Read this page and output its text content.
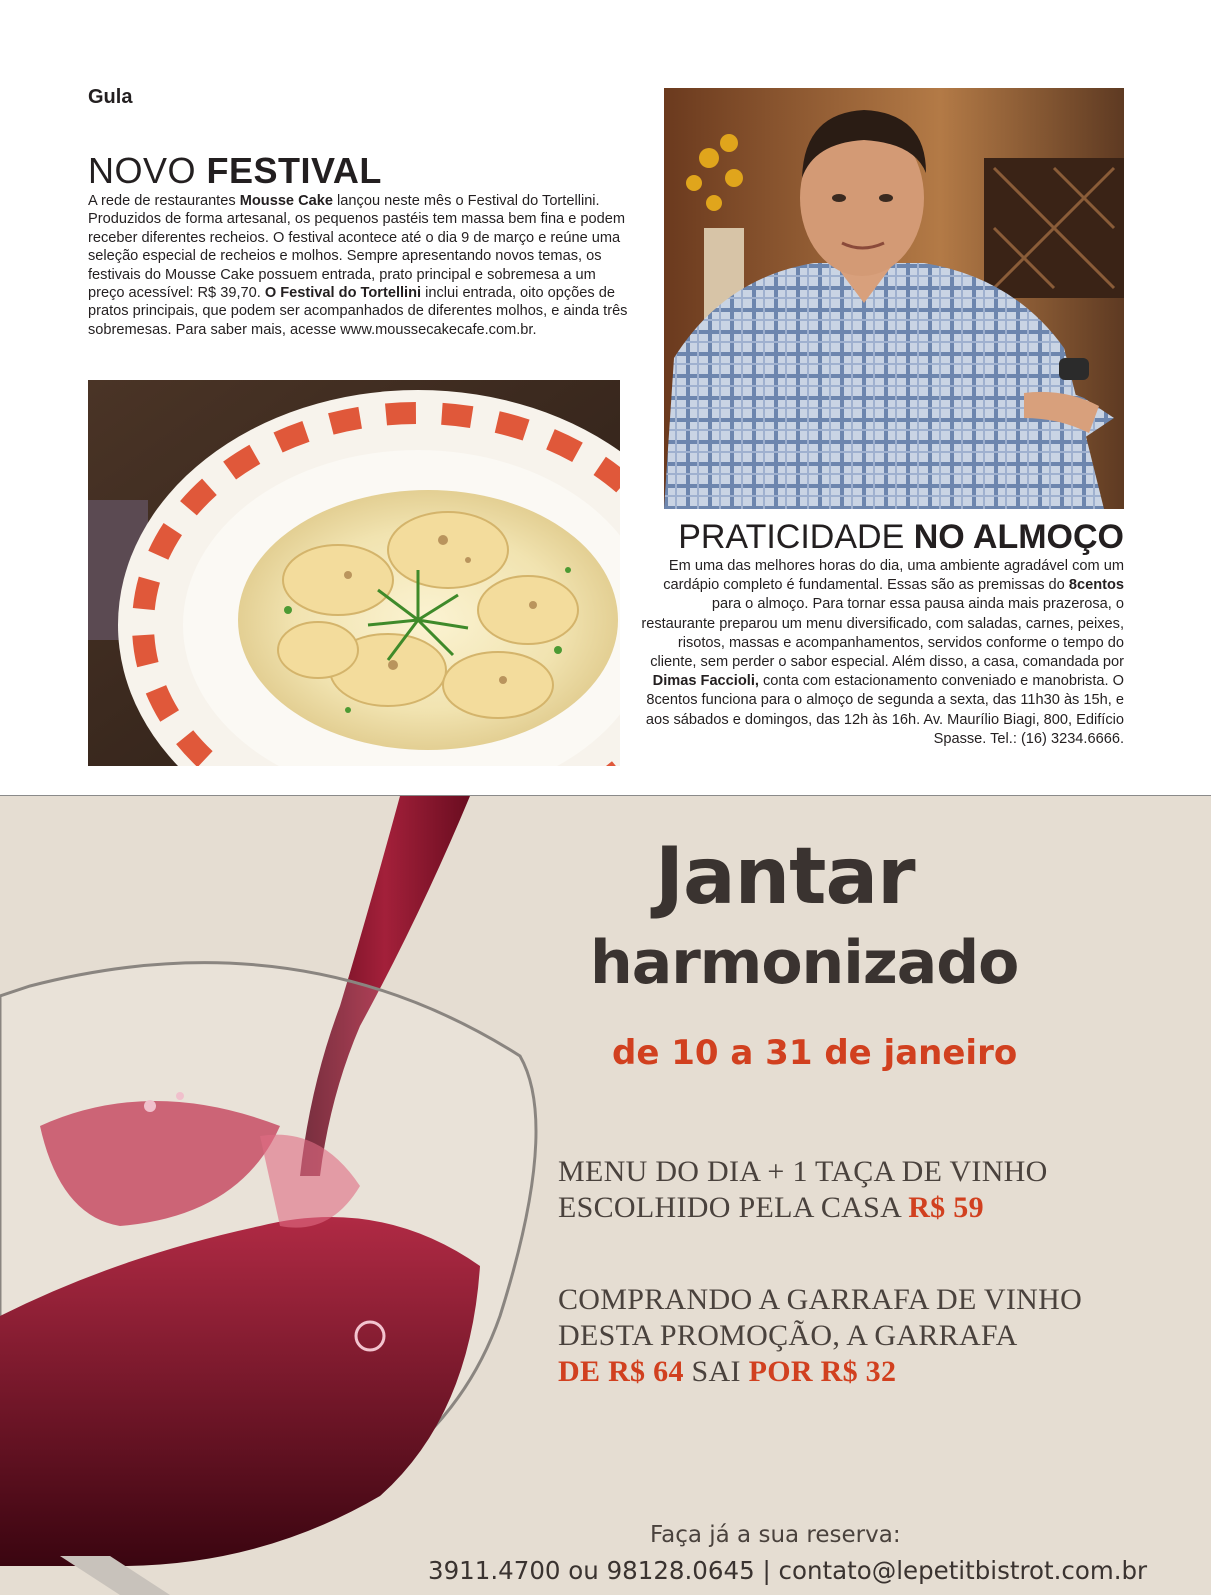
Gula
NOVO FESTIVAL
A rede de restaurantes Mousse Cake lançou neste mês o Festival do Tortellini. Produzidos de forma artesanal, os pequenos pastéis tem massa bem fina e podem receber diferentes recheios. O festival acontece até o dia 9 de março e reúne uma seleção especial de recheios e molhos. Sempre apresentando novos temas, os festivais do Mousse Cake possuem entrada, prato principal e sobremesa a um preço acessível: R$ 39,70. O Festival do Tortellini inclui entrada, oito opções de pratos principais, que podem ser acompanhados de diferentes molhos, e ainda três sobremesas. Para saber mais, acesse www.moussecakecafe.com.br.
PRATICIDADE NO ALMOÇO
Em uma das melhores horas do dia, uma ambiente agradável com um cardápio completo é fundamental. Essas são as premissas do 8centos para o almoço. Para tornar essa pausa ainda mais prazerosa, o restaurante preparou um menu diversificado, com saladas, carnes, peixes, risotos, massas e acompanhamentos, servidos conforme o tempo do cliente, sem perder o sabor especial. Além disso, a casa, comandada por Dimas Faccioli, conta com estacionamento conveniado e manobrista. O 8centos funciona para o almoço de segunda a sexta, das 11h30 às 15h, e aos sábados e domingos, das 12h às 16h. Av. Maurílio Biagi, 800, Edifício Spasse. Tel.: (16) 3234.6666.
Jantar
harmonizado
de 10 a 31 de janeiro
MENU DO DIA + 1 TAÇA DE VINHO
ESCOLHIDO PELA CASA R$ 59
COMPRANDO A GARRAFA DE VINHO
DESTA PROMOÇÃO, A GARRAFA
DE R$ 64 SAI POR R$ 32
Faça já a sua reserva:
3911.4700 ou 98128.0645 | contato@lepetitbistrot.com.br
